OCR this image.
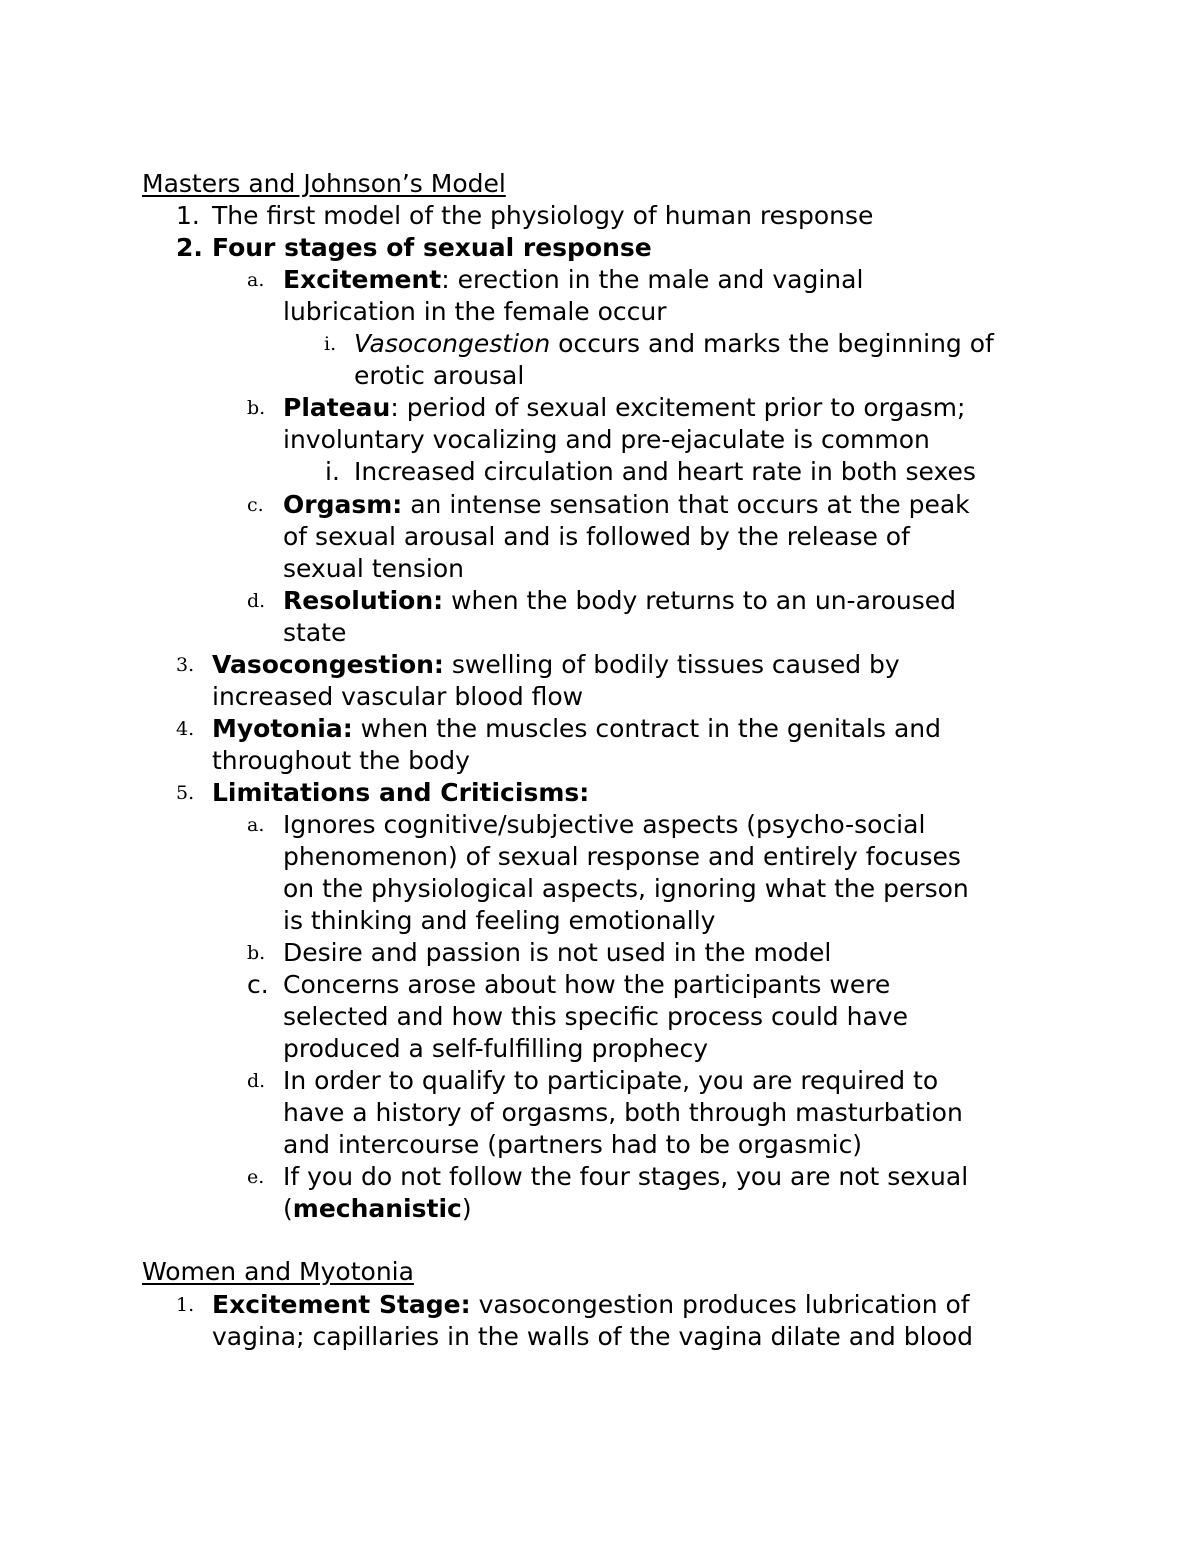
Masters and Johnson’s Model
1. The first model of the physiology of human response
2. Four stages of sexual response
a. Excitement: erection in the male and vaginal
lubrication in the female occur
i. Vasocongestion occurs and marks the beginning of
erotic arousal
b. Plateau: period of sexual excitement prior to orgasm;
involuntary vocalizing and pre-ejaculate is common
i. Increased circulation and heart rate in both sexes
c. Orgasm: an intense sensation that occurs at the peak
of sexual arousal and is followed by the release of
sexual tension
d. Resolution: when the body returns to an un-aroused
state
3. Vasocongestion: swelling of bodily tissues caused by
increased vascular blood flow
4. Myotonia: when the muscles contract in the genitals and
throughout the body
5. Limitations and Criticisms:
a. Ignores cognitive/subjective aspects (psycho-social
phenomenon) of sexual response and entirely focuses
on the physiological aspects, ignoring what the person
is thinking and feeling emotionally
b. Desire and passion is not used in the model
c. Concerns arose about how the participants were
selected and how this specific process could have
produced a self-fulfilling prophecy
d. In order to qualify to participate, you are required to
have a history of orgasms, both through masturbation
and intercourse (partners had to be orgasmic)
e. If you do not follow the four stages, you are not sexual
(mechanistic)
Women and Myotonia
1. Excitement Stage: vasocongestion produces lubrication of
vagina; capillaries in the walls of the vagina dilate and blood
